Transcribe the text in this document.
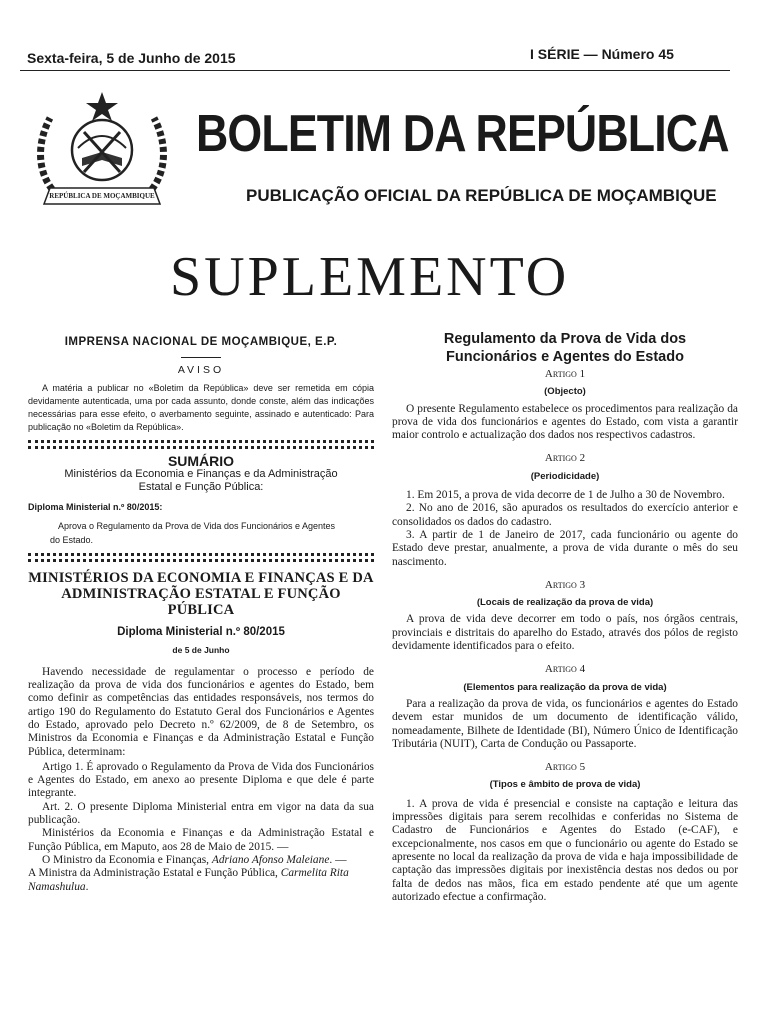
Sexta-feira, 5 de Junho de 2015	I SÉRIE — Número 45
REPÚBLICA DE MOÇAMBIQUE
BOLETIM DA REPÚBLICA
PUBLICAÇÃO OFICIAL DA REPÚBLICA DE MOÇAMBIQUE
SUPLEMENTO
IMPRENSA NACIONAL DE MOÇAMBIQUE, E.P.
AVISO

A matéria a publicar no «Boletim da República» deve ser remetida em cópia devidamente autenticada, uma por cada assunto, donde conste, além das indicações necessárias para esse efeito, o averbamento seguinte, assinado e autenticado: Para publicação no «Boletim da República».

SUMÁRIO

Ministérios da Economia e Finanças e da Administração Estatal e Função Pública:

Diploma Ministerial n.º 80/2015:

Aprova o Regulamento da Prova de Vida dos Funcionários e Agentes do Estado.

MINISTÉRIOS DA ECONOMIA E FINANÇAS E DA ADMINISTRAÇÃO ESTATAL E FUNÇÃO PÚBLICA
Diploma Ministerial n.º 80/2015
de 5 de Junho

Havendo necessidade de regulamentar o processo e período de realização da prova de vida dos funcionários e agentes do Estado, bem como definir as competências das entidades responsáveis, nos termos do artigo 190 do Regulamento do Estatuto Geral dos Funcionários e Agentes do Estado, aprovado pelo Decreto n.º 62/2009, de 8 de Setembro, os Ministros da Economia e Finanças e da Administração Estatal e Função Pública, determinam:

Artigo 1. É aprovado o Regulamento da Prova de Vida dos Funcionários e Agentes do Estado, em anexo ao presente Diploma e que dele é parte integrante.

Art. 2. O presente Diploma Ministerial entra em vigor na data da sua publicação.

Ministérios da Economia e Finanças e da Administração Estatal e Função Pública, em Maputo, aos 28 de Maio de 2015. —

O Ministro da Economia e Finanças, Adriano Afonso Maleiane. —

A Ministra da Administração Estatal e Função Pública, Carmelita Rita Namashulua.

Regulamento da Prova de Vida dos Funcionários e Agentes do Estado
Artigo 1
(Objecto)

O presente Regulamento estabelece os procedimentos para realização da prova de vida dos funcionários e agentes do Estado, com vista a garantir maior controlo e actualização dos dados nos respectivos cadastros.

Artigo 2
(Periodicidade)

1. Em 2015, a prova de vida decorre de 1 de Julho a 30 de Novembro.

2. No ano de 2016, são apurados os resultados do exercício anterior e consolidados os dados do cadastro.

3. A partir de 1 de Janeiro de 2017, cada funcionário ou agente do Estado deve prestar, anualmente, a prova de vida durante o mês do seu nascimento.

Artigo 3
(Locais de realização da prova de vida)

A prova de vida deve decorrer em todo o país, nos órgãos centrais, provinciais e distritais do aparelho do Estado, através dos pólos de registo devidamente identificados para o efeito.

Artigo 4
(Elementos para realização da prova de vida)

Para a realização da prova de vida, os funcionários e agentes do Estado devem estar munidos de um documento de identificação válido, nomeadamente, Bilhete de Identidade (BI), Número Único de Identificação Tributária (NUIT), Carta de Condução ou Passaporte.

Artigo 5
(Tipos e âmbito de prova de vida)

1. A prova de vida é presencial e consiste na captação e leitura das impressões digitais para serem recolhidas e conferidas no Sistema de Cadastro de Funcionários e Agentes do Estado (e-CAF), e excepcionalmente, nos casos em que o funcionário ou agente do Estado se apresente no local da realização da prova de vida e haja impossibilidade de captação das impressões digitais por inexistência destas nos dedos ou por falta de dedos nas mãos, fica em estado pendente até que um agente autorizado efectue a confirmação.
